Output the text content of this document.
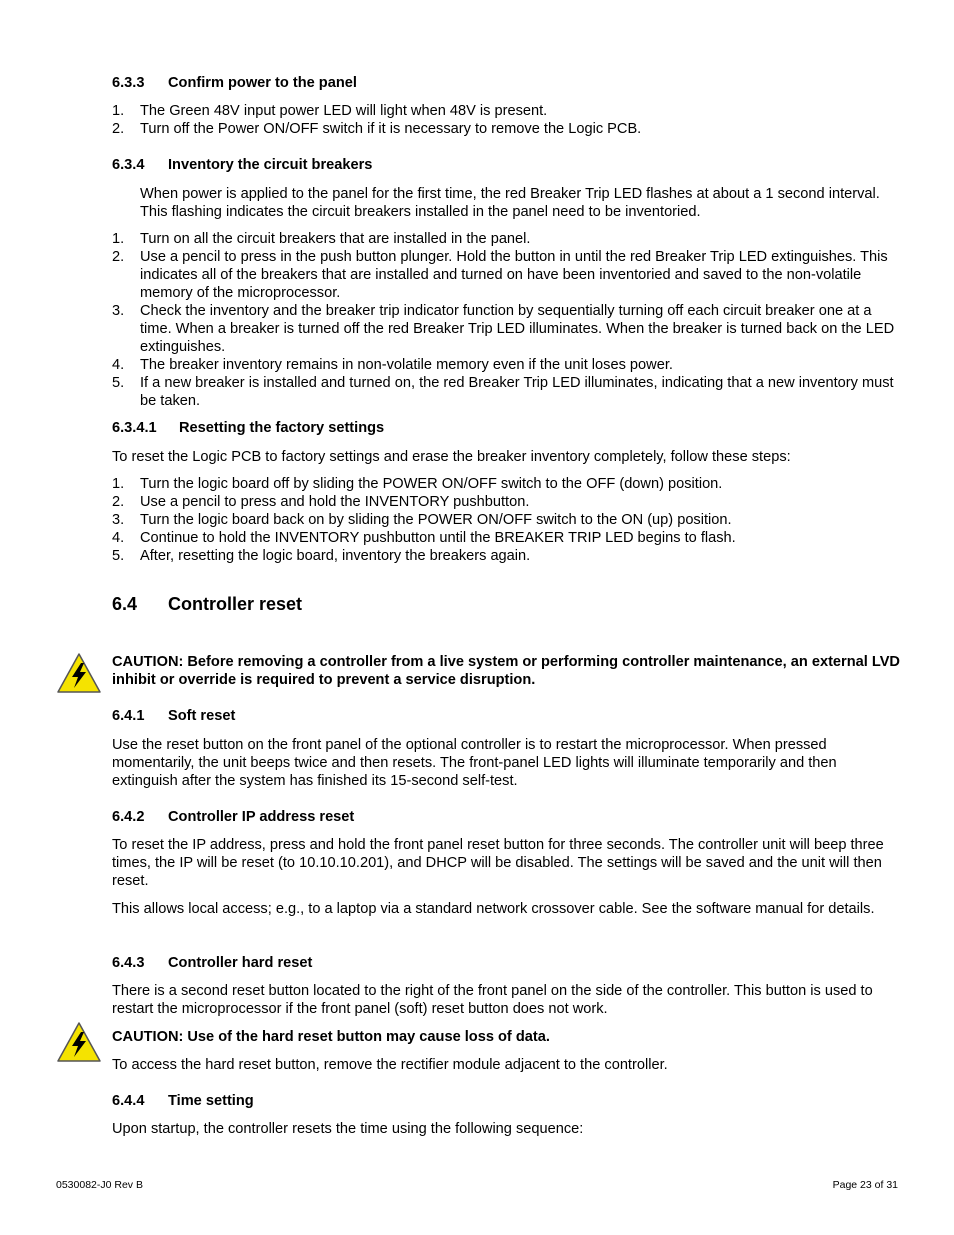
6.3.3 Confirm power to the panel
1. The Green 48V input power LED will light when 48V is present.
2. Turn off the Power ON/OFF switch if it is necessary to remove the Logic PCB.
6.3.4 Inventory the circuit breakers
When power is applied to the panel for the first time, the red Breaker Trip LED flashes at about a 1 second interval. This flashing indicates the circuit breakers installed in the panel need to be inventoried.
1. Turn on all the circuit breakers that are installed in the panel.
2. Use a pencil to press in the push button plunger. Hold the button in until the red Breaker Trip LED extinguishes. This indicates all of the breakers that are installed and turned on have been inventoried and saved to the non-volatile memory of the microprocessor.
3. Check the inventory and the breaker trip indicator function by sequentially turning off each circuit breaker one at a time. When a breaker is turned off the red Breaker Trip LED illuminates. When the breaker is turned back on the LED extinguishes.
4. The breaker inventory remains in non-volatile memory even if the unit loses power.
5. If a new breaker is installed and turned on, the red Breaker Trip LED illuminates, indicating that a new inventory must be taken.
6.3.4.1 Resetting the factory settings
To reset the Logic PCB to factory settings and erase the breaker inventory completely, follow these steps:
1. Turn the logic board off by sliding the POWER ON/OFF switch to the OFF (down) position.
2. Use a pencil to press and hold the INVENTORY pushbutton.
3. Turn the logic board back on by sliding the POWER ON/OFF switch to the ON (up) position.
4. Continue to hold the INVENTORY pushbutton until the BREAKER TRIP LED begins to flash.
5. After, resetting the logic board, inventory the breakers again.
6.4 Controller reset
CAUTION: Before removing a controller from a live system or performing controller maintenance, an external LVD inhibit or override is required to prevent a service disruption.
6.4.1 Soft reset
Use the reset button on the front panel of the optional controller is to restart the microprocessor. When pressed momentarily, the unit beeps twice and then resets. The front-panel LED lights will illuminate temporarily and then extinguish after the system has finished its 15-second self-test.
6.4.2 Controller IP address reset
To reset the IP address, press and hold the front panel reset button for three seconds. The controller unit will beep three times, the IP will be reset (to 10.10.10.201), and DHCP will be disabled. The settings will be saved and the unit will then reset.
This allows local access; e.g., to a laptop via a standard network crossover cable. See the software manual for details.
6.4.3 Controller hard reset
There is a second reset button located to the right of the front panel on the side of the controller. This button is used to restart the microprocessor if the front panel (soft) reset button does not work.
CAUTION: Use of the hard reset button may cause loss of data.
To access the hard reset button, remove the rectifier module adjacent to the controller.
6.4.4 Time setting
Upon startup, the controller resets the time using the following sequence:
0530082-J0 Rev B	Page 23 of 31
